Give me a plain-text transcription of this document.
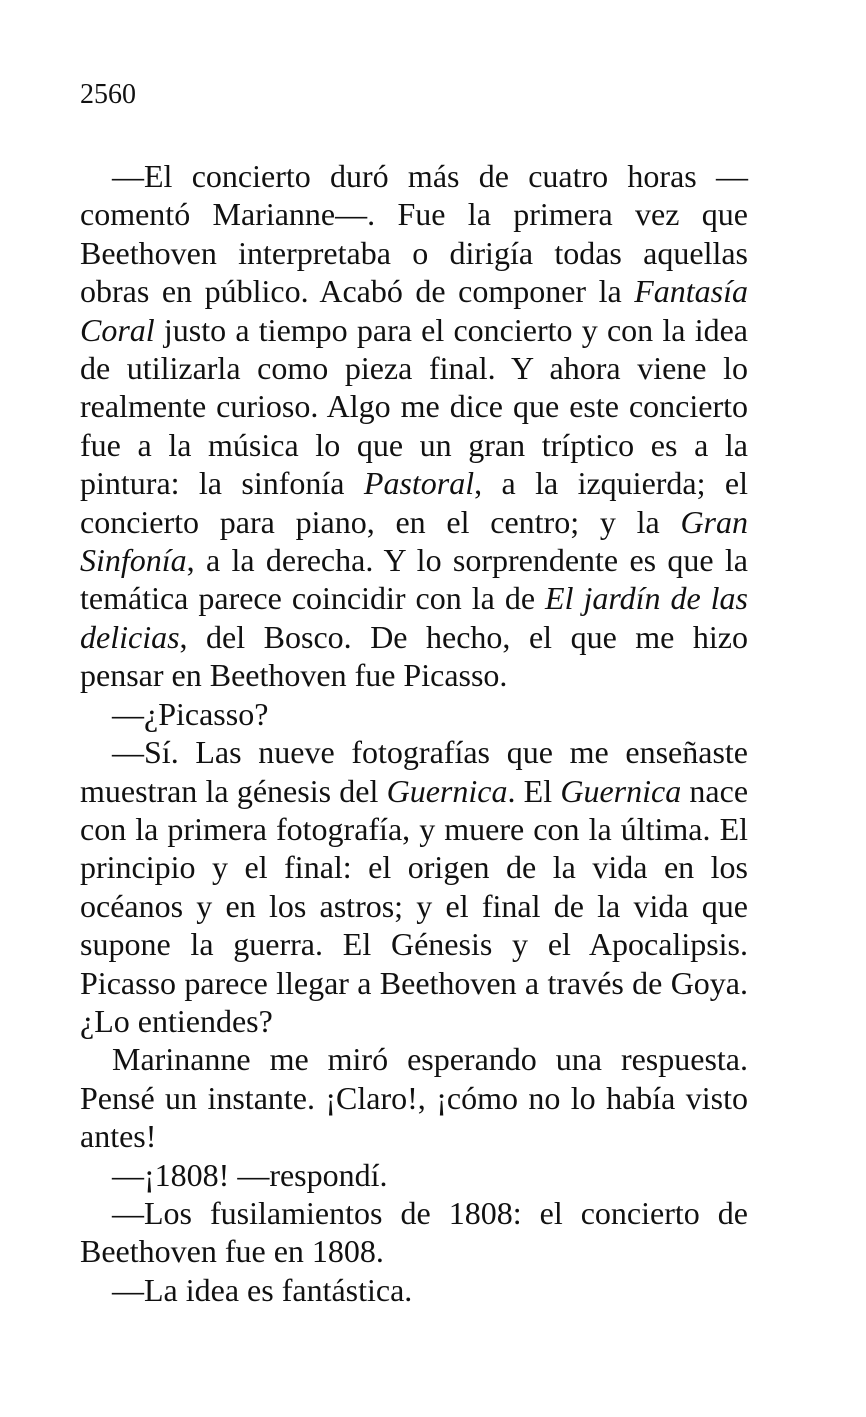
2560

—El concierto duró más de cuatro horas —comentó Marianne—. Fue la primera vez que Beethoven interpretaba o dirigía todas aquellas obras en público. Acabó de componer la Fantasía Coral justo a tiempo para el concierto y con la idea de utilizarla como pieza final. Y ahora viene lo realmente curioso. Algo me dice que este concierto fue a la música lo que un gran tríptico es a la pintura: la sinfonía Pastoral, a la izquierda; el concierto para piano, en el centro; y la Gran Sinfonía, a la derecha. Y lo sorprendente es que la temática parece coincidir con la de El jardín de las delicias, del Bosco. De hecho, el que me hizo pensar en Beethoven fue Picasso.

—¿Picasso?

—Sí. Las nueve fotografías que me enseñaste muestran la génesis del Guernica. El Guernica nace con la primera fotografía, y muere con la última. El principio y el final: el origen de la vida en los océanos y en los astros; y el final de la vida que supone la guerra. El Génesis y el Apocalipsis. Picasso parece llegar a Beethoven a través de Goya. ¿Lo entiendes?

Marinanne me miró esperando una respuesta. Pensé un instante. ¡Claro!, ¡cómo no lo había visto antes!

—¡1808! —respondí.

—Los fusilamientos de 1808: el concierto de Beethoven fue en 1808.

—La idea es fantástica.
